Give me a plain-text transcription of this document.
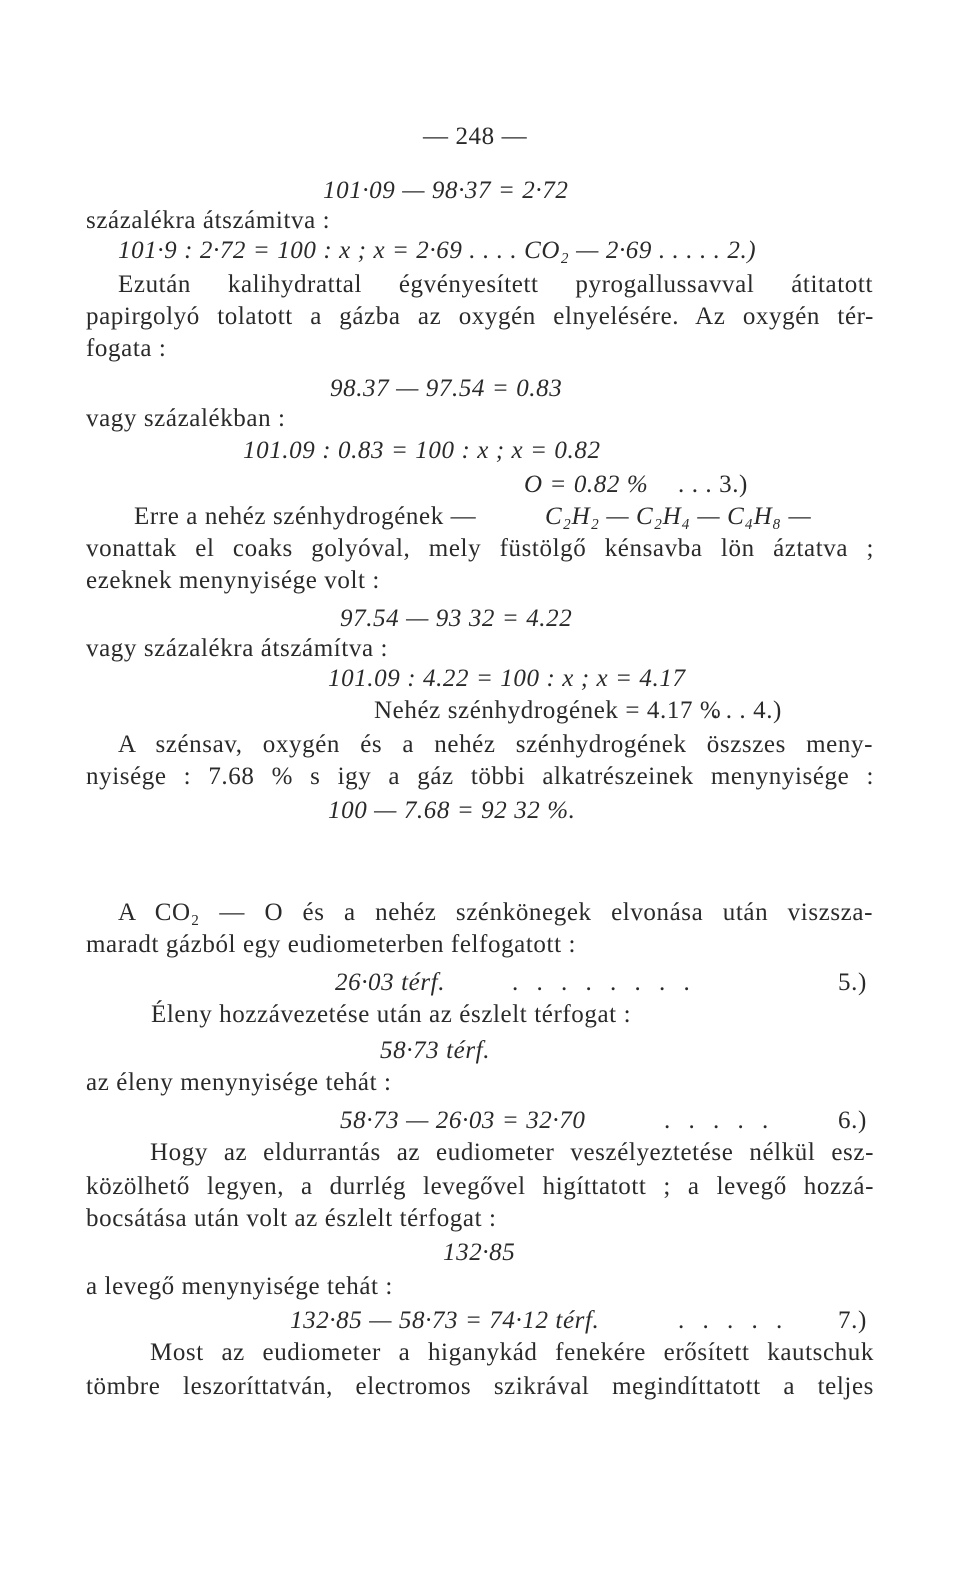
— 248 —
101·09 — 98·37 = 2·72
százalékra átszámitva :
101·9 : 2·72 = 100 : x ; x = 2·69 . . . . CO₂ — 2·69 . . . . . 2.)
Ezután kalihydrattal égvényesített pyrogallussavval átitatott
papirgolyó tolatott a gázba az oxygén elnyelésére. Az oxygén tér-
fogata :
98.37 — 97.54 = 0.83
vagy százalékban :
101.09 : 0.83 = 100 : x ; x = 0.82
O = 0.82 % . . . 3.)
Erre a nehéz szénhydrogének —	C₂H₂ — C₂H₄ — C₄H₈ —
vonattak el coaks golyóval, mely füstölgő kénsavba lön áztatva ;
ezeknek menynyisége volt :
97.54 — 93 32 = 4.22
vagy százalékra átszámítva :
101.09 : 4.22 = 100 : x ; x = 4.17
Nehéz szénhydrogének = 4.17 %
. . . 4.)
A szénsav, oxygén és a nehéz szénhydrogének öszszes meny-
nyisége : 7.68 % s igy a gáz többi alkatrészeinek menynyisége :
100 — 7.68 = 92 32 %.
A CO₂ — O és a nehéz szénkönegek elvonása után viszsza-
maradt gázból egy eudiometerben felfogatott :
26·03 térf.	. . . . . . . .	5.)
Éleny hozzávezetése után az észlelt térfogat :
58·73 térf.
az éleny menynyisége tehát :
58·73 — 26·03 = 32·70	. . . . .	6.)
Hogy az eldurrantás az eudiometer veszélyeztetése nélkül esz-
közölhető legyen, a durrlég levegővel higíttatott ; a levegő hozzá-
bocsátása után volt az észlelt térfogat :
132·85
a levegő menynyisége tehát :
132·85 — 58·73 = 74·12 térf.	. . . . . 7.)
Most az eudiometer a higanykád fenekére erősített kautschuk
tömbre leszoríttatván, electromos szikrával megindíttatott a teljes
